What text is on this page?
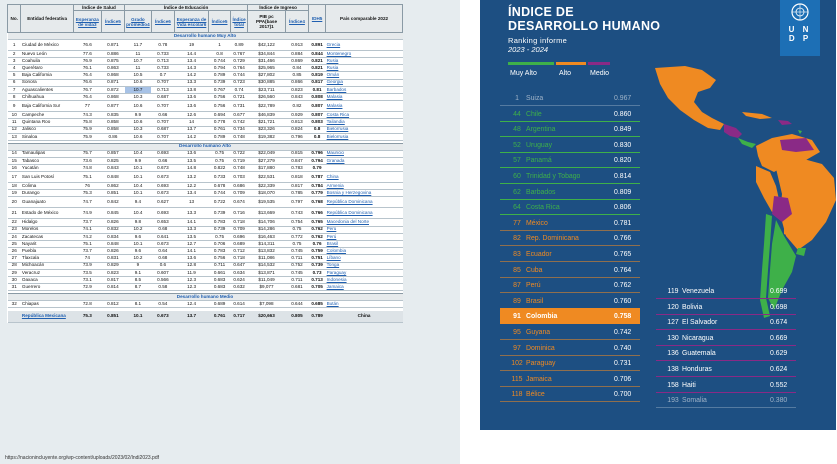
No.	Entidad federativa	Índice de Salud		Índice de Educación					Índice de Ingreso		IDH5	País comparable 2022
		Esperanza de vida3	Índice5	Grado promedio4	Índice6	Esperanza de Vida escolar6	Índice5	Índice total	PIB pc PPA(base 2017)1	Índice4		
Desarrollo humano Muy Alto												
1	Ciudad de México	76.6	0.871	11.7	0.78	19	1	0.89	$42,122	0.913	0.891	Grecia
2	Nuevo León	77.6	0.886	11	0.733	14.4	0.8	0.767	$34,844	0.884	0.844	Montenegro
3	Coahuila	76.9	0.875	10.7	0.713	13.4	0.744	0.729	$31,466	0.869	0.821	Rusia
4	Querétaro	76.1	0.863	11	0.733	14.3	0.794	0.764	$25,965	0.84	0.821	Rusia
5	Baja California	76.4	0.868	10.5	0.7	14.2	0.789	0.744	$27,802	0.85	0.819	Omán
6	Sonora	76.6	0.871	10.6	0.707	13.3	0.739	0.723	$30,885	0.866	0.817	Georgia
7	Aguascalientes	76.7	0.872	10.7	0.713	13.8	0.767	0.74	$23,711	0.823	0.81	Barbados
8	Chihuahua	76.4	0.868	10.3	0.687	13.6	0.756	0.721	$26,560	0.843	0.808	Malasia
9	Baja California Sur	77	0.877	10.6	0.707	13.6	0.756	0.731	$22,789	0.82	0.807	Malasia
10	Campeche	74.3	0.835	9.9	0.66	12.6	0.694	0.677	$46,839	0.929	0.807	Costa Rica
11	Quintana Roo	75.8	0.858	10.6	0.707	14	0.778	0.742	$21,721	0.813	0.803	Tailandia
12	Jalisco	75.9	0.858	10.3	0.687	13.7	0.761	0.734	$23,326	0.824	0.8	Bielorrusia
13	Sinaloa	75.9	0.86	10.6	0.707	14.2	0.789	0.748	$19,382	0.796	0.8	Bielorrusia

Desarrollo humano Alto												
14	Tamaulipas	75.7	0.857	10.4	0.693	13.6	0.75	0.722	$22,049	0.815	0.796	Mauricio
15	Tabasco	73.6	0.825	9.9	0.66	13.5	0.75	0.719	$27,279	0.847	0.794	Granada
16	Yucatán	74.8	0.843	10.1	0.673	14.8	0.822	0.748	$17,880	0.783	0.79	
17	San Luis Potosí	75.1	0.848	10.1	0.673	13.2	0.733	0.703	$22,531	0.818	0.787	China
18	Colima	76	0.862	10.4	0.693	12.2	0.678	0.686	$22,339	0.817	0.784	Armenia
19	Durango	75.3	0.851	10.1	0.673	13.4	0.744	0.709	$18,070	0.785	0.779	Bosnia y Herzegovina
20	Guanajuato	74.7	0.842	9.4	0.627	13	0.722	0.674	$19,535	0.797	0.768	República Dominicana
21	Estado de México	74.9	0.845	10.4	0.693	13.3	0.739	0.716	$13,669	0.743	0.766	República Dominicana
22	Hidalgo	73.7	0.826	9.8	0.653	14.1	0.783	0.718	$14,706	0.754	0.765	Macedonia del Norte
23	Morelos	74.1	0.832	10.2	0.68	13.3	0.739	0.709	$14,286	0.75	0.762	Perú
24	Zacatecas	74.2	0.834	9.6	0.641	13.5	0.75	0.696	$16,463	0.772	0.762	Perú
25	Nayarit	75.1	0.848	10.1	0.673	12.7	0.706	0.689	$14,311	0.75	0.76	Brasil
26	Puebla	73.7	0.826	9.6	0.64	14.1	0.783	0.712	$13,832	0.745	0.759	Colombia
27	Tlaxcala	74	0.831	10.2	0.68	13.6	0.756	0.718	$11,086	0.711	0.751	Líbano
28	Michoacán	73.9	0.829	9	0.6	12.8	0.711	0.647	$14,532	0.752	0.739	Tonga
29	Veracruz	73.5	0.823	9.1	0.607	11.9	0.661	0.634	$13,871	0.745	0.73	Paraguay
30	Oaxaca	73.1	0.817	8.5	0.566	12.3	0.683	0.624	$11,049	0.711	0.713	Indonesia
31	Guerrero	72.9	0.814	8.7	0.58	12.3	0.683	0.632	$9,077	0.681	0.705	Jamaica

Desarrollo humano Medio												
32	Chiapas	72.8	0.812	8.1	0.54	12.4	0.689	0.614	$7,098	0.644	0.685	Bután

	República Mexicana	75.3	0.851	10.1	0.673	13.7	0.761	0.717	$20,663	0.805	0.789	China
https://nacionincluyente.org/wp-content/uploads/2023/02/Indi2023.pdf
ÍNDICE DE
DESARROLLO HUMANO
Ranking informe
2023 - 2024
Muy Alto	Alto	Medio
U N D P
1	Suiza	0.967
44 Chile	0.860
48 Argentina	0.849
52 Uruguay	0.830
57 Panamá	0.820
60 Trinidad y Tobago	0.814
62 Barbados	0.809
64 Costa Rica	0.806
77 México	0.781
82 Rep. Dominicana	0.766
83 Ecuador	0.765
85 Cuba	0.764
87 Perú	0.762
89 Brasil	0.760
91 Colombia	0.758
95 Guyana	0.742
97 Dominica	0.740
102 Paraguay	0.731
115 Jamaica	0.706
118 Bélice	0.700
119 Venezuela	0.699
120 Bolivia	0.698
127 El Salvador	0.674
130 Nicaragua	0.669
136 Guatemala	0.629
138 Honduras	0.624
158 Haiti	0.552
193 Somalia	0.380
